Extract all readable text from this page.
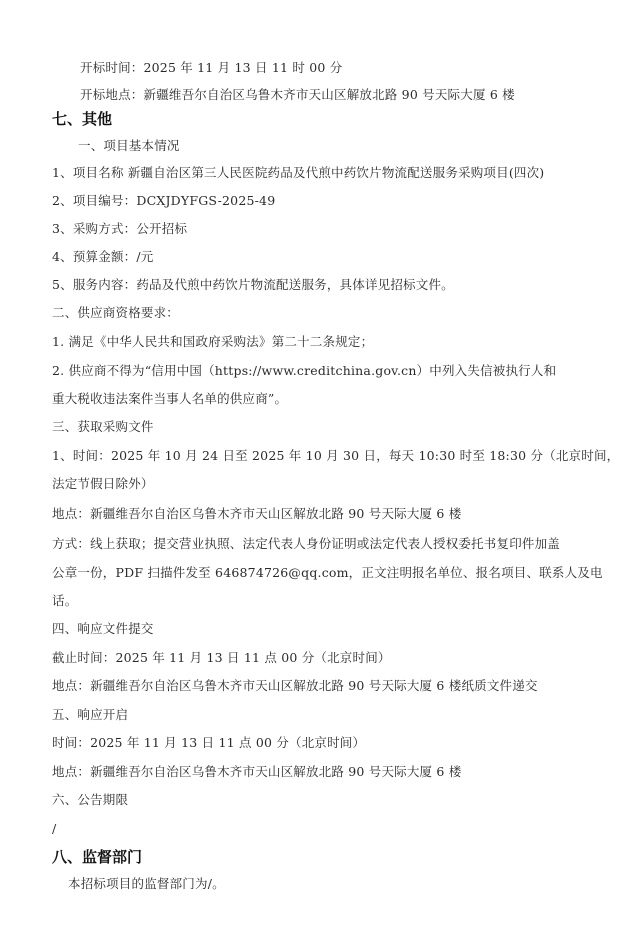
开标时间：2025 年 11 月 13 日 11 时 00 分
开标地点：新疆维吾尔自治区乌鲁木齐市天山区解放北路 90 号天际大厦 6 楼
七、其他
一、项目基本情况
1、项目名称 新疆自治区第三人民医院药品及代煎中药饮片物流配送服务采购项目(四次)
2、项目编号：DCXJDYFGS-2025-49
3、采购方式：公开招标
4、预算金额：/元
5、服务内容：药品及代煎中药饮片物流配送服务，具体详见招标文件。
二、供应商资格要求：
1. 满足《中华人民共和国政府采购法》第二十二条规定；
2. 供应商不得为“信用中国（https://www.creditchina.gov.cn）中列入失信被执行人和
重大税收违法案件当事人名单的供应商”。
三、获取采购文件
1、时间：2025 年 10 月 24 日至 2025 年 10 月 30 日，每天 10:30 时至 18:30 分（北京时间，
法定节假日除外）
地点：新疆维吾尔自治区乌鲁木齐市天山区解放北路 90 号天际大厦 6 楼
方式：线上获取；提交营业执照、法定代表人身份证明或法定代表人授权委托书复印件加盖
公章一份，PDF 扫描件发至 646874726@qq.com，正文注明报名单位、报名项目、联系人及电
话。
四、响应文件提交
截止时间：2025 年 11 月 13 日 11 点 00 分（北京时间）
地点：新疆维吾尔自治区乌鲁木齐市天山区解放北路 90 号天际大厦 6 楼纸质文件递交
五、响应开启
时间：2025 年 11 月 13 日 11 点 00 分（北京时间）
地点：新疆维吾尔自治区乌鲁木齐市天山区解放北路 90 号天际大厦 6 楼
六、公告期限
/
八、监督部门
本招标项目的监督部门为/。
